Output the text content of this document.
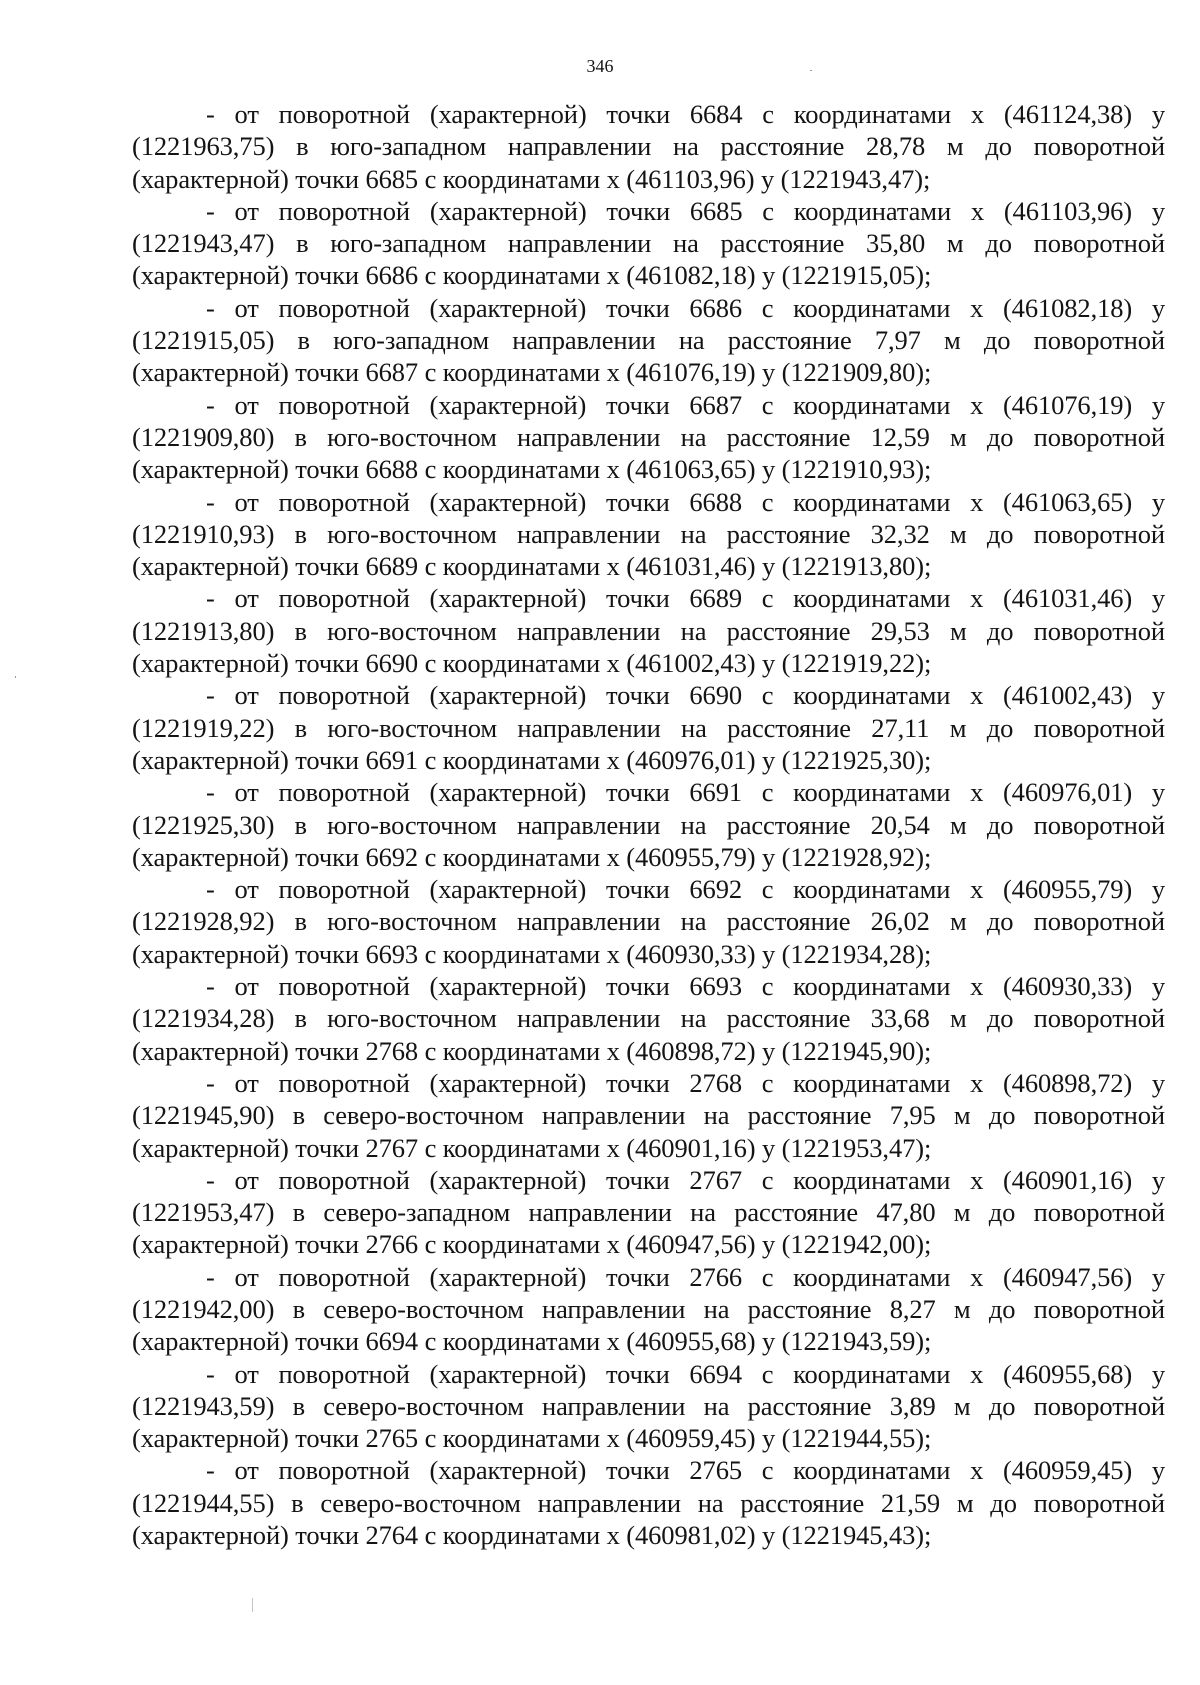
346

- от поворотной (характерной) точки 6684 с координатами х (461124,38) у (1221963,75) в юго-западном направлении на расстояние 28,78 м до поворотной (характерной) точки 6685 с координатами х (461103,96) у (1221943,47);

- от поворотной (характерной) точки 6685 с координатами х (461103,96) у (1221943,47) в юго-западном направлении на расстояние 35,80 м до поворотной (характерной) точки 6686 с координатами х (461082,18) у (1221915,05);

- от поворотной (характерной) точки 6686 с координатами х (461082,18) у (1221915,05) в юго-западном направлении на расстояние 7,97 м до поворотной (характерной) точки 6687 с координатами х (461076,19) у (1221909,80);

- от поворотной (характерной) точки 6687 с координатами х (461076,19) у (1221909,80) в юго-восточном направлении на расстояние 12,59 м до поворотной (характерной) точки 6688 с координатами х (461063,65) у (1221910,93);

- от поворотной (характерной) точки 6688 с координатами х (461063,65) у (1221910,93) в юго-восточном направлении на расстояние 32,32 м до поворотной (характерной) точки 6689 с координатами х (461031,46) у (1221913,80);

- от поворотной (характерной) точки 6689 с координатами х (461031,46) у (1221913,80) в юго-восточном направлении на расстояние 29,53 м до поворотной (характерной) точки 6690 с координатами х (461002,43) у (1221919,22);

- от поворотной (характерной) точки 6690 с координатами х (461002,43) у (1221919,22) в юго-восточном направлении на расстояние 27,11 м до поворотной (характерной) точки 6691 с координатами х (460976,01) у (1221925,30);

- от поворотной (характерной) точки 6691 с координатами х (460976,01) у (1221925,30) в юго-восточном направлении на расстояние 20,54 м до поворотной (характерной) точки 6692 с координатами х (460955,79) у (1221928,92);

- от поворотной (характерной) точки 6692 с координатами х (460955,79) у (1221928,92) в юго-восточном направлении на расстояние 26,02 м до поворотной (характерной) точки 6693 с координатами х (460930,33) у (1221934,28);

- от поворотной (характерной) точки 6693 с координатами х (460930,33) у (1221934,28) в юго-восточном направлении на расстояние 33,68 м до поворотной (характерной) точки 2768 с координатами х (460898,72) у (1221945,90);

- от поворотной (характерной) точки 2768 с координатами х (460898,72) у (1221945,90) в северо-восточном направлении на расстояние 7,95 м до поворотной (характерной) точки 2767 с координатами х (460901,16) у (1221953,47);

- от поворотной (характерной) точки 2767 с координатами х (460901,16) у (1221953,47) в северо-западном направлении на расстояние 47,80 м до поворотной (характерной) точки 2766 с координатами х (460947,56) у (1221942,00);

- от поворотной (характерной) точки 2766 с координатами х (460947,56) у (1221942,00) в северо-восточном направлении на расстояние 8,27 м до поворотной (характерной) точки 6694 с координатами х (460955,68) у (1221943,59);

- от поворотной (характерной) точки 6694 с координатами х (460955,68) у (1221943,59) в северо-восточном направлении на расстояние 3,89 м до поворотной (характерной) точки 2765 с координатами х (460959,45) у (1221944,55);

- от поворотной (характерной) точки 2765 с координатами х (460959,45) у (1221944,55) в северо-восточном направлении на расстояние 21,59 м до поворотной (характерной) точки 2764 с координатами х (460981,02) у (1221945,43);
